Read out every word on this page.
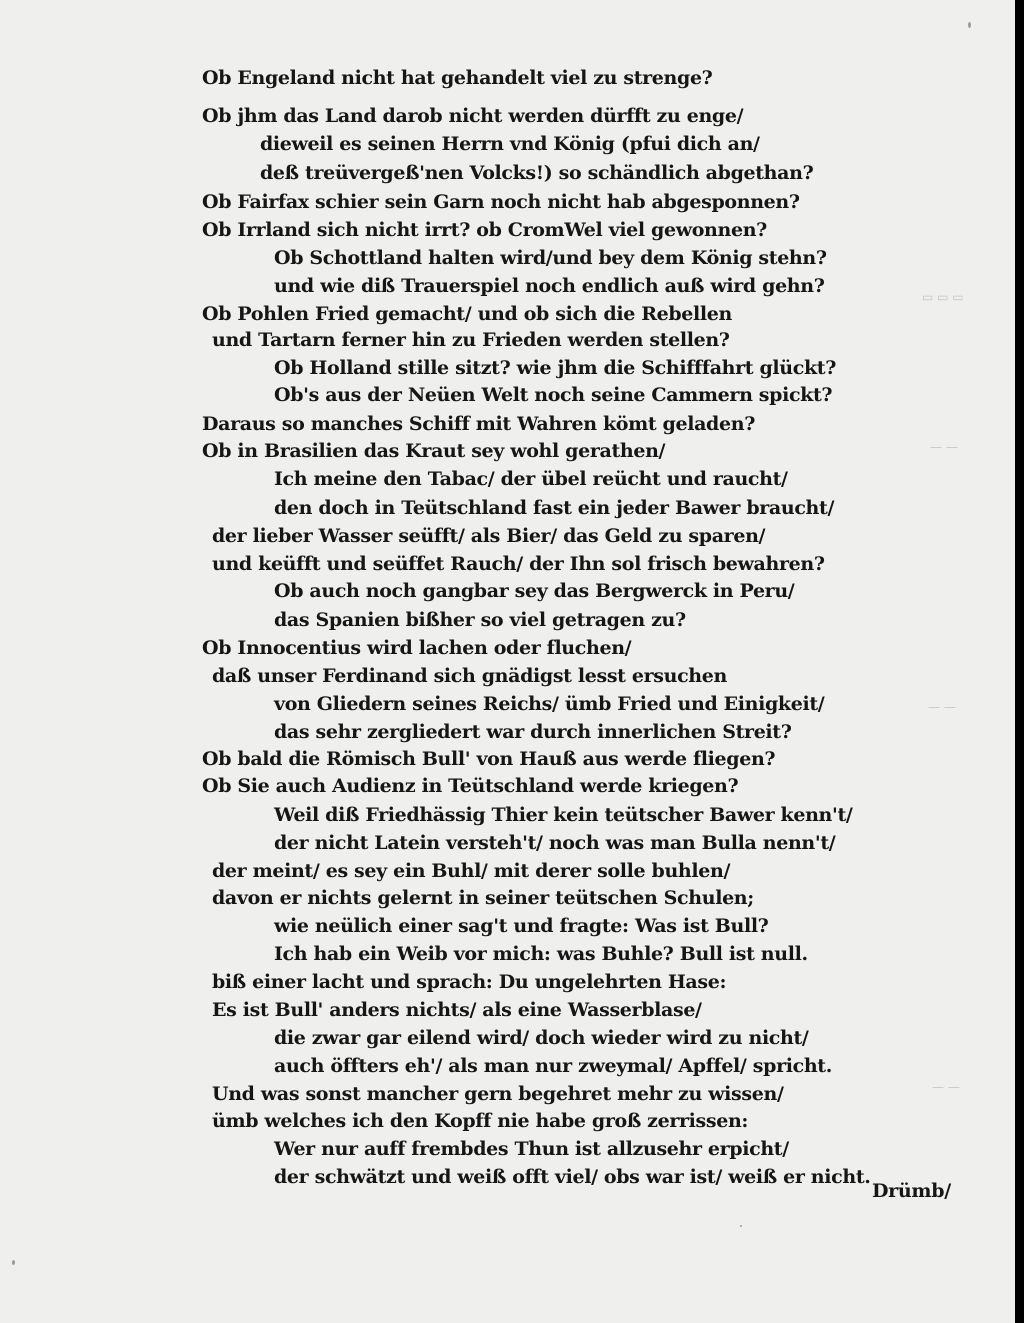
▭ ▭ ▭
— —
— —
— —
Ob Engeland nicht hat gehandelt viel zu strenge?
Ob jhm das Land darob nicht werden dürfft zu enge/
dieweil es seinen Herrn vnd König (pfui dich an/
deß treüvergeß'nen Volcks!) so schändlich abgethan?
Ob Fairfax schier sein Garn noch nicht hab abgesponnen?
Ob Irrland sich nicht irrt? ob CromWel viel gewonnen?
Ob Schottland halten wird/und bey dem König stehn?
und wie diß Trauerspiel noch endlich auß wird gehn?
Ob Pohlen Fried gemacht/ und ob sich die Rebellen
und Tartarn ferner hin zu Frieden werden stellen?
Ob Holland stille sitzt? wie jhm die Schifffahrt glückt?
Ob's aus der Neüen Welt noch seine Cammern spickt?
Daraus so manches Schiff mit Wahren kömt geladen?
Ob in Brasilien das Kraut sey wohl gerathen/
Ich meine den Tabac/ der übel reücht und raucht/
den doch in Teütschland fast ein jeder Bawer braucht/
der lieber Wasser seüfft/ als Bier/ das Geld zu sparen/
und keüfft und seüffet Rauch/ der Ihn sol frisch bewahren?
Ob auch noch gangbar sey das Bergwerck in Peru/
das Spanien bißher so viel getragen zu?
Ob Innocentius wird lachen oder fluchen/
daß unser Ferdinand sich gnädigst lesst ersuchen
von Gliedern seines Reichs/ ümb Fried und Einigkeit/
das sehr zergliedert war durch innerlichen Streit?
Ob bald die Römisch Bull' von Hauß aus werde fliegen?
Ob Sie auch Audienz in Teütschland werde kriegen?
Weil diß Friedhässig Thier kein teütscher Bawer kenn't/
der nicht Latein versteh't/ noch was man Bulla nenn't/
der meint/ es sey ein Buhl/ mit derer solle buhlen/
davon er nichts gelernt in seiner teütschen Schulen;
wie neülich einer sag't und fragte: Was ist Bull?
Ich hab ein Weib vor mich: was Buhle? Bull ist null.
biß einer lacht und sprach: Du ungelehrten Hase:
Es ist Bull' anders nichts/ als eine Wasserblase/
die zwar gar eilend wird/ doch wieder wird zu nicht/
auch öffters eh'/ als man nur zweymal/ Apffel/ spricht.
Und was sonst mancher gern begehret mehr zu wissen/
ümb welches ich den Kopff nie habe groß zerrissen:
Wer nur auff frembdes Thun ist allzusehr erpicht/
der schwätzt und weiß offt viel/ obs war ist/ weiß er nicht.
Drümb/
